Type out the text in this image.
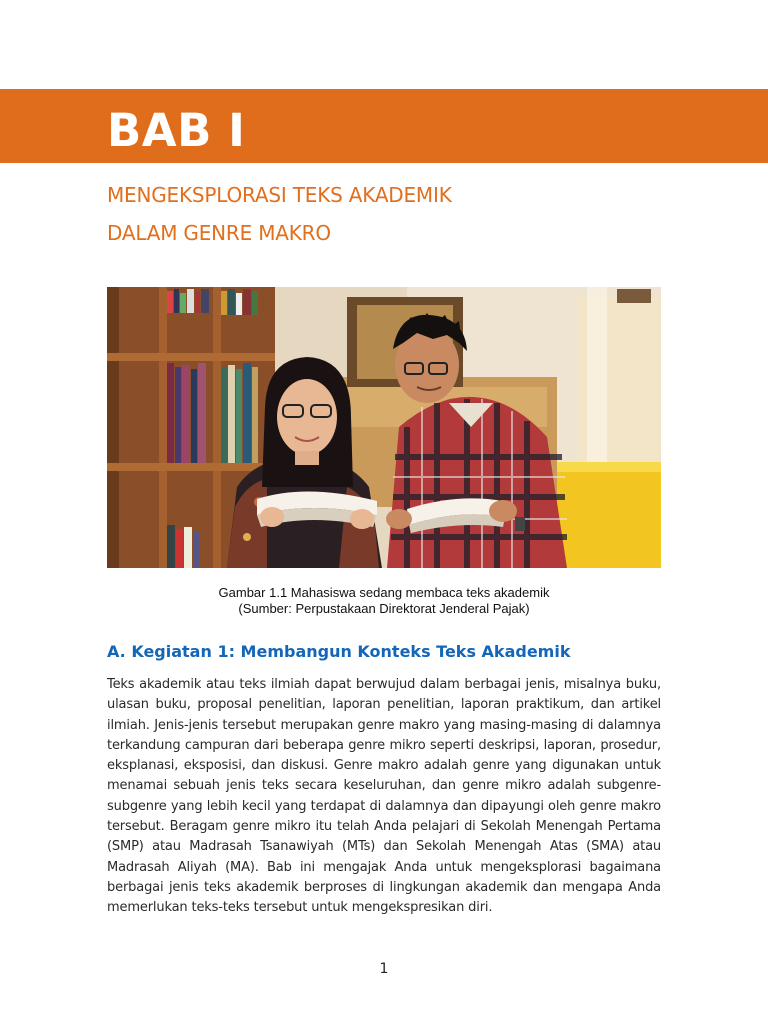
BAB I
MENGEKSPLORASI TEKS AKADEMIK
DALAM GENRE MAKRO
Gambar 1.1 Mahasiswa sedang membaca teks akademik
(Sumber: Perpustakaan Direktorat Jenderal Pajak)
A. Kegiatan 1: Membangun Konteks Teks Akademik
Teks akademik atau teks ilmiah dapat berwujud dalam berbagai jenis, misalnya buku, ulasan buku, proposal penelitian, laporan penelitian, laporan praktikum, dan artikel ilmiah. Jenis-jenis tersebut merupakan genre makro yang masing-masing di dalamnya terkandung campuran dari beberapa genre mikro seperti deskripsi, laporan, prosedur, eksplanasi, eksposisi, dan diskusi. Genre makro adalah genre yang digunakan untuk menamai sebuah jenis teks secara keseluruhan, dan genre mikro adalah subgenre- subgenre yang lebih kecil yang terdapat di dalamnya dan dipayungi oleh genre makro tersebut. Beragam genre mikro itu telah Anda pelajari di Sekolah Menengah Pertama (SMP) atau Madrasah Tsanawiyah (MTs) dan Sekolah Menengah Atas (SMA) atau Madrasah Aliyah (MA). Bab ini mengajak Anda untuk mengeksplorasi bagaimana berbagai jenis teks akademik berproses di lingkungan akademik dan mengapa Anda memerlukan teks-teks tersebut untuk mengekspresikan diri.
1
